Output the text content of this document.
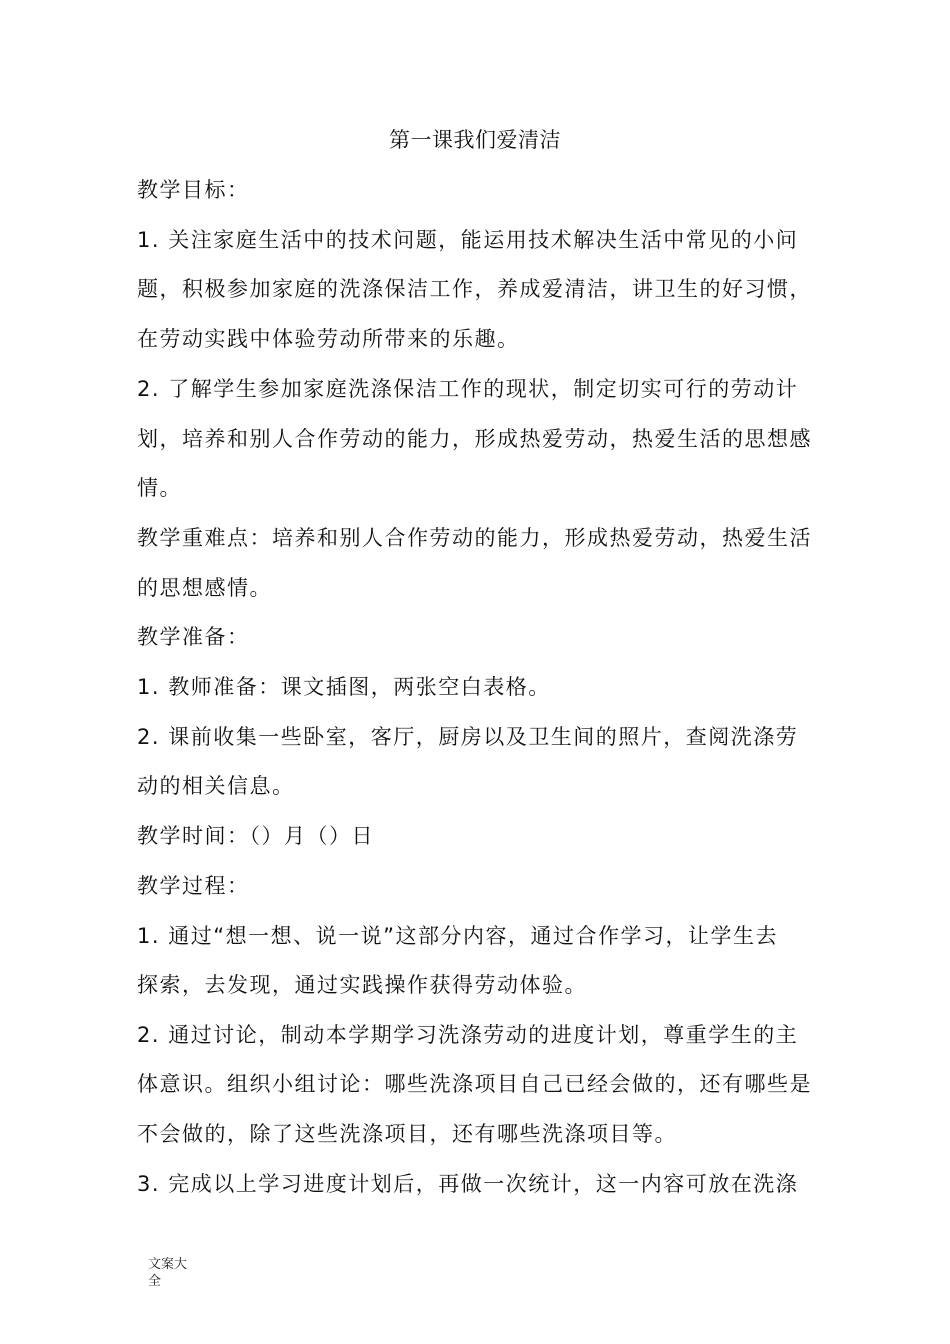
第一课我们爱清洁
教学目标：
1. 关注家庭生活中的技术问题，能运用技术解决生活中常见的小问
题，积极参加家庭的洗涤保洁工作，养成爱清洁，讲卫生的好习惯，
在劳动实践中体验劳动所带来的乐趣。
2. 了解学生参加家庭洗涤保洁工作的现状，制定切实可行的劳动计
划，培养和别人合作劳动的能力，形成热爱劳动，热爱生活的思想感
情。
教学重难点：培养和别人合作劳动的能力，形成热爱劳动，热爱生活
的思想感情。
教学准备：
1. 教师准备：课文插图，两张空白表格。
2. 课前收集一些卧室，客厅，厨房以及卫生间的照片，查阅洗涤劳
动的相关信息。
教学时间：（）月（）日
教学过程：
1. 通过“想一想、说一说”这部分内容，通过合作学习，让学生去
探索，去发现，通过实践操作获得劳动体验。
2. 通过讨论，制动本学期学习洗涤劳动的进度计划，尊重学生的主
体意识。组织小组讨论：哪些洗涤项目自己已经会做的，还有哪些是
不会做的，除了这些洗涤项目，还有哪些洗涤项目等。
3. 完成以上学习进度计划后，再做一次统计，这一内容可放在洗涤
文案大全
